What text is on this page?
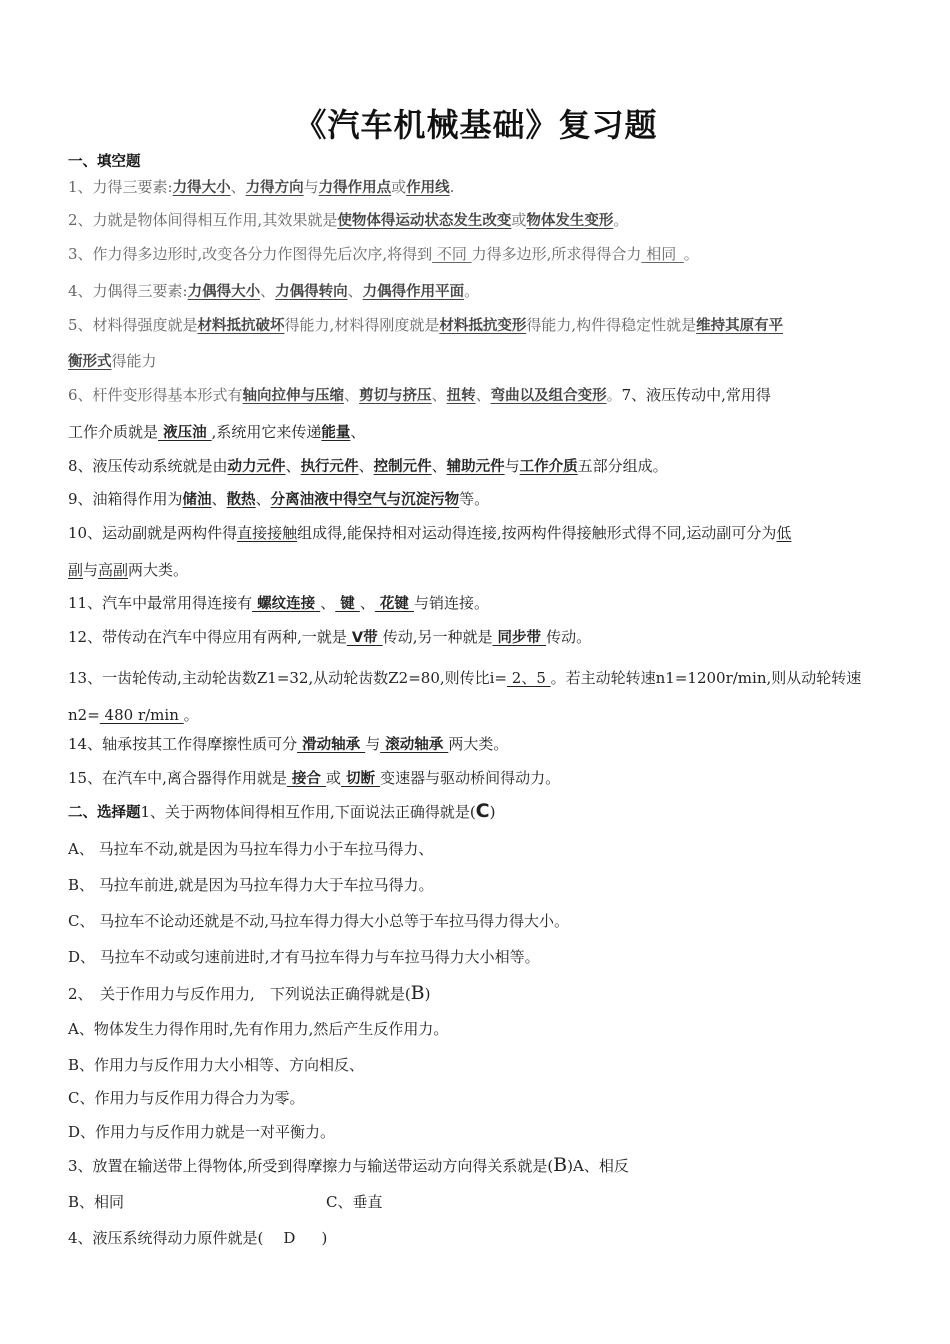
《汽车机械基础》复习题
一、填空题
1、力得三要素:力得大小、力得方向与力得作用点或作用线.
2、力就是物体间得相互作用,其效果就是使物体得运动状态发生改变或物体发生变形。
3、作力得多边形时,改变各分力作图得先后次序,将得到 不同 力得多边形,所求得得合力 相同_。
4、力偶得三要素:力偶得大小、力偶得转向、力偶得作用平面。
5、材料得强度就是材料抵抗破坏得能力,材料得刚度就是材料抵抗变形得能力,构件得稳定性就是维持其原有平
衡形式得能力
6、杆件变形得基本形式有轴向拉伸与压缩、剪切与挤压、扭转、弯曲以及组合变形。7、液压传动中,常用得
工作介质就是 液压油 ,系统用它来传递能量、
8、液压传动系统就是由动力元件、执行元件、控制元件、辅助元件与工作介质五部分组成。
9、油箱得作用为储油、散热、分离油液中得空气与沉淀污物等。
10、运动副就是两构件得直接接触组成得,能保持相对运动得连接,按两构件得接触形式得不同,运动副可分为低
副与高副两大类。
11、汽车中最常用得连接有 螺纹连接 、 键 、 花键 与销连接。
12、带传动在汽车中得应用有两种,一就是 V带 传动,另一种就是 同步带 传动。
13、一齿轮传动,主动轮齿数Z1=32,从动轮齿数Z2=80,则传比i= 2、5 。若主动轮转速n1=1200r/min,则从动轮转速n2= 480 r/min 。
14、轴承按其工作得摩擦性质可分 滑动轴承 与 滚动轴承 两大类。
15、在汽车中,离合器得作用就是 接合 或 切断 变速器与驱动桥间得动力。
二、选择题1、关于两物体间得相互作用,下面说法正确得就是(C)
A、 马拉车不动,就是因为马拉车得力小于车拉马得力、
B、 马拉车前进,就是因为马拉车得力大于车拉马得力。
C、 马拉车不论动还就是不动,马拉车得力得大小总等于车拉马得力得大小。
D、 马拉车不动或匀速前进时,才有马拉车得力与车拉马得力大小相等。
2、　关于作用力与反作用力,　下列说法正确得就是(B)
A、物体发生力得作用时,先有作用力,然后产生反作用力。
B、作用力与反作用力大小相等、方向相反、
C、作用力与反作用力得合力为零。
D、作用力与反作用力就是一对平衡力。
3、放置在输送带上得物体,所受到得摩擦力与输送带运动方向得关系就是(B)A、相反
B、相同	C、垂直
4、液压系统得动力原件就是( D )
